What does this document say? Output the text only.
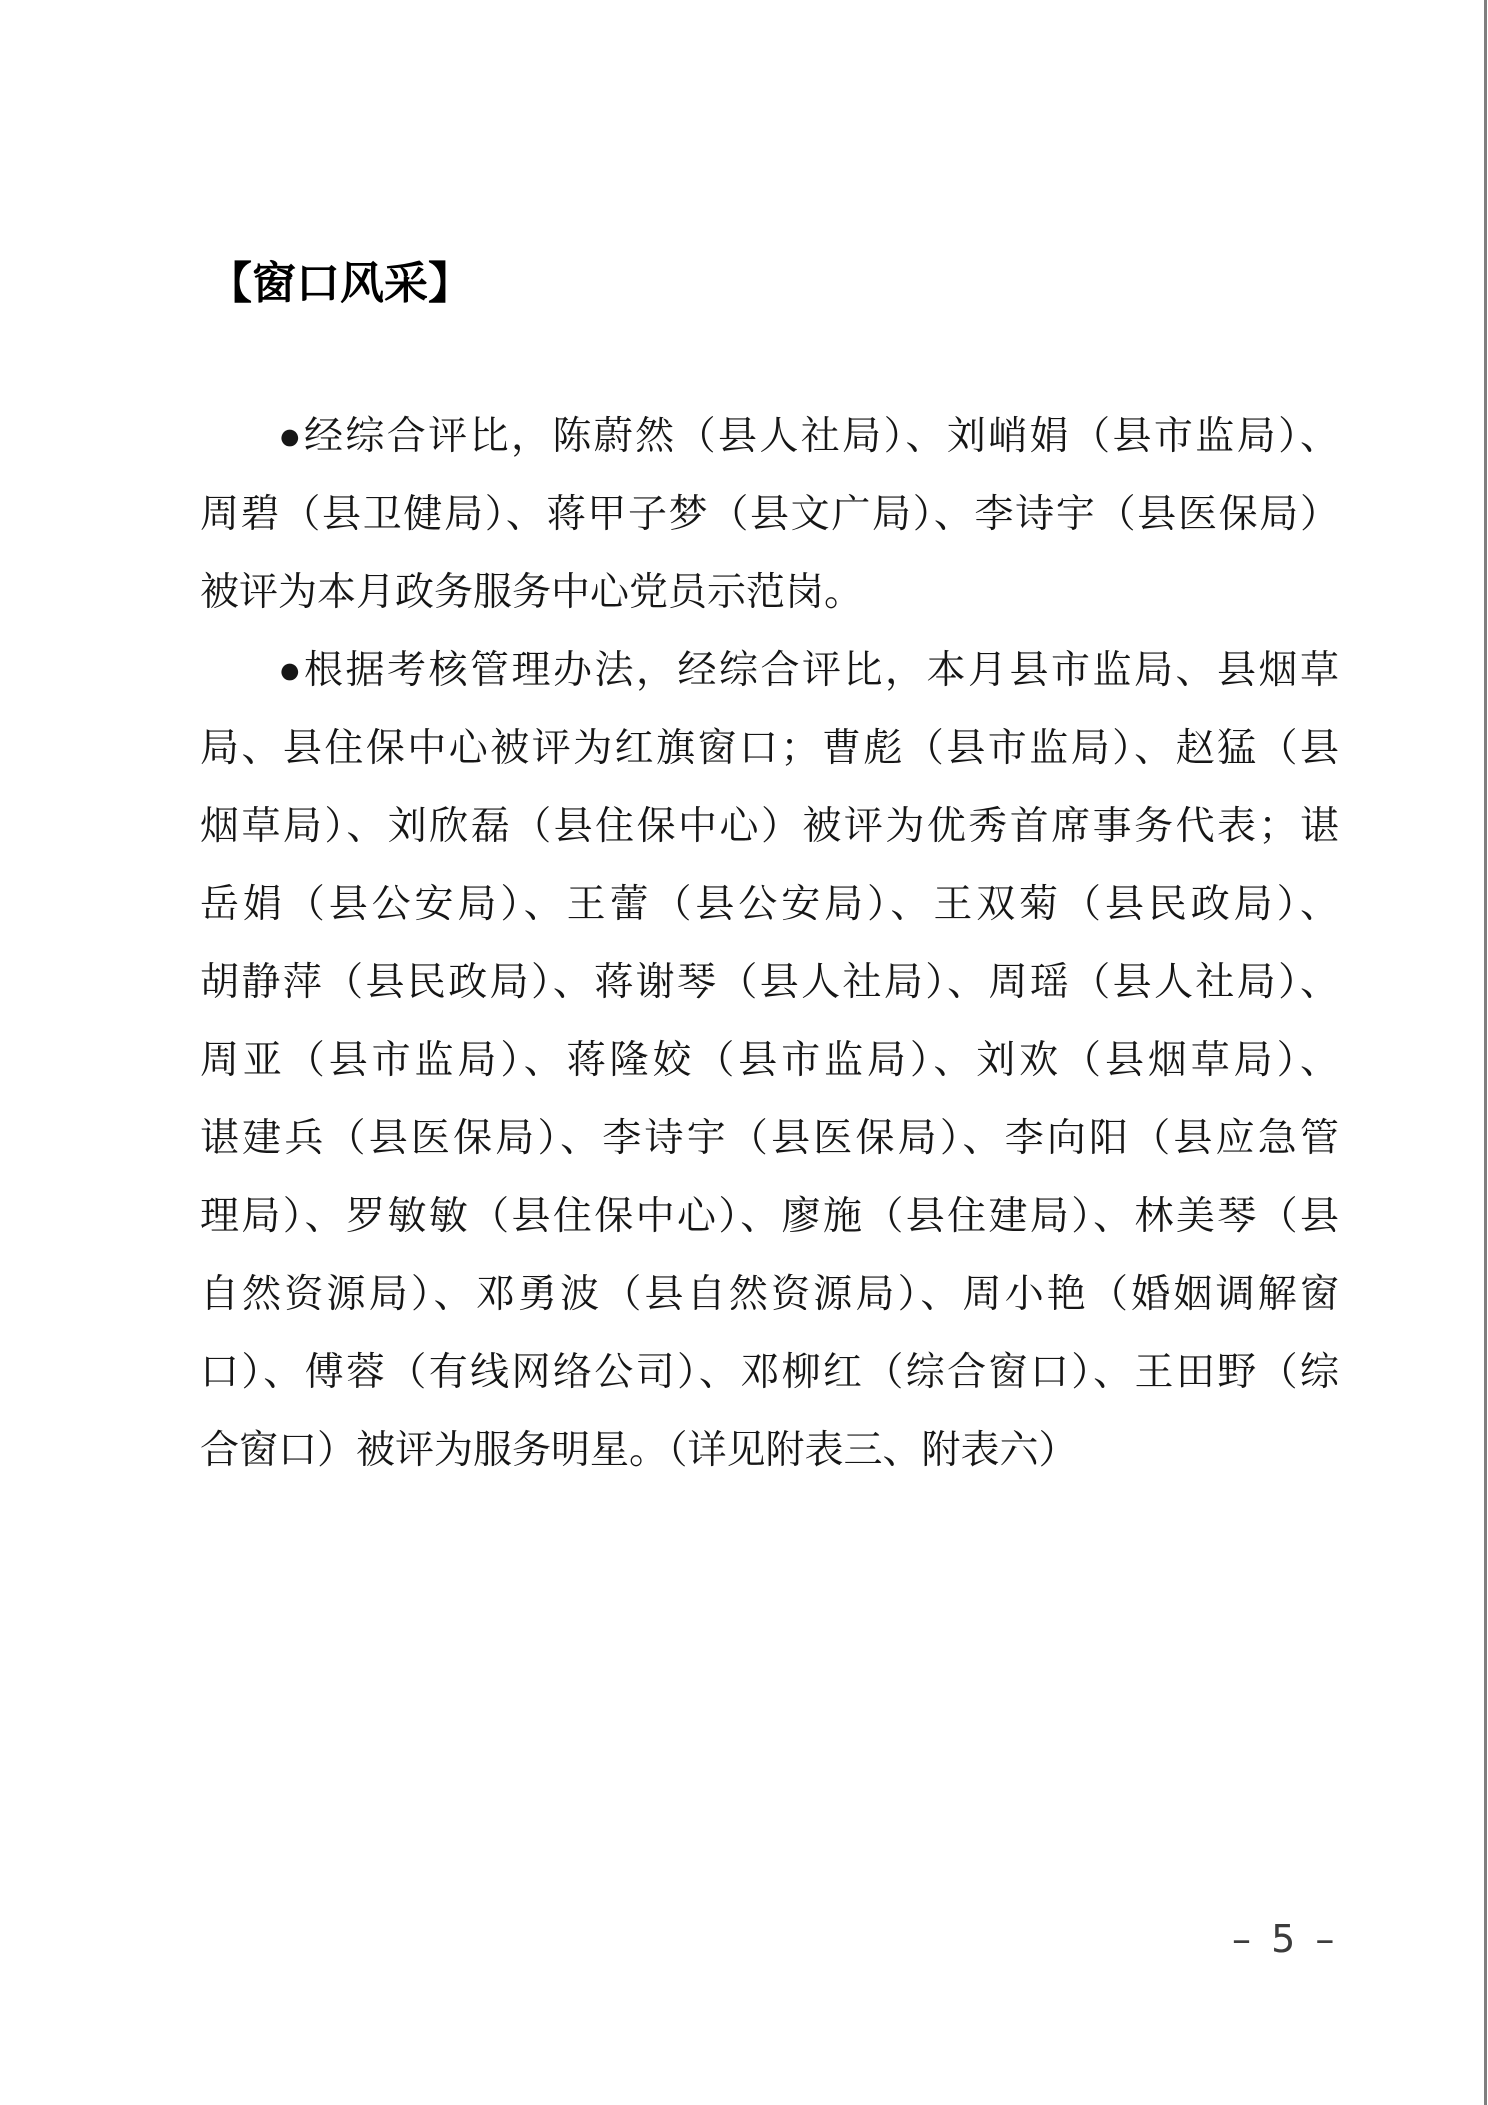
【窗口风采】
●经综合评比，陈蔚然（县人社局）、刘峭娟（县市监局）、
周碧（县卫健局）、蒋甲子梦（县文广局）、李诗宇（县医保局）
被评为本月政务服务中心党员示范岗。
●根据考核管理办法，经综合评比，本月县市监局、县烟草
局、县住保中心被评为红旗窗口；曹彪（县市监局）、赵猛（县
烟草局）、刘欣磊（县住保中心）被评为优秀首席事务代表；谌
岳娟（县公安局）、王蕾（县公安局）、王双菊（县民政局）、
胡静萍（县民政局）、蒋谢琴（县人社局）、周瑶（县人社局）、
周亚（县市监局）、蒋隆姣（县市监局）、刘欢（县烟草局）、
谌建兵（县医保局）、李诗宇（县医保局）、李向阳（县应急管
理局）、罗敏敏（县住保中心）、廖施（县住建局）、林美琴（县
自然资源局）、邓勇波（县自然资源局）、周小艳（婚姻调解窗
口）、傅蓉（有线网络公司）、邓柳红（综合窗口）、王田野（综
合窗口）被评为服务明星。（详见附表三、附表六）
– 5 –
